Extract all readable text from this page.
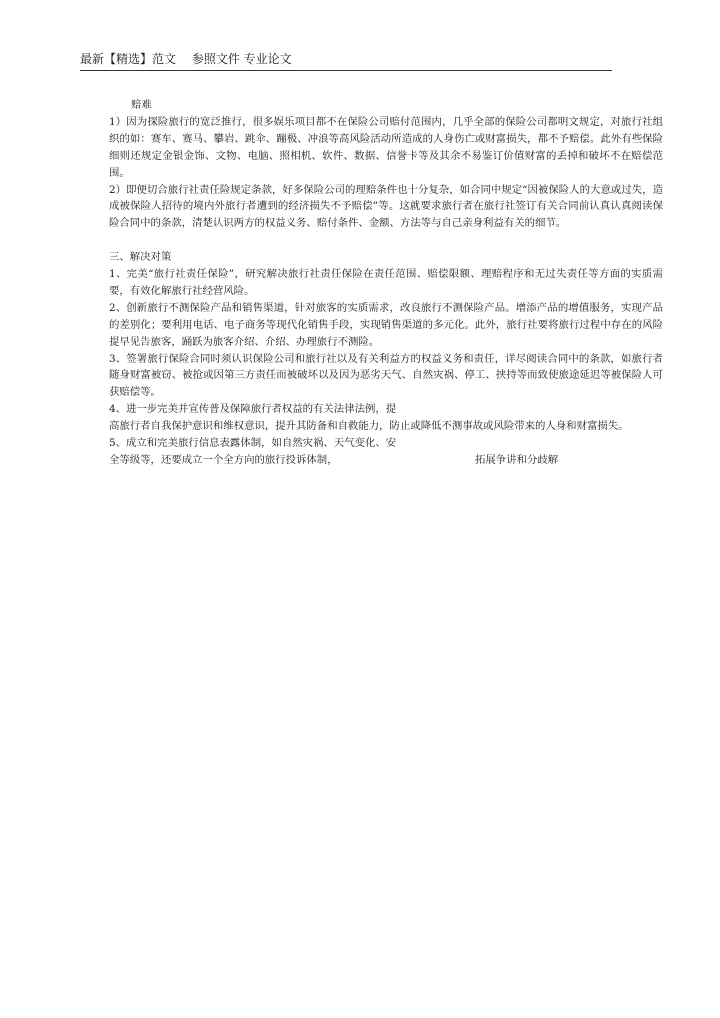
最新【精选】范文 参照文件 专业论文

赔难

1）因为探险旅行的宽泛推行，很多娱乐项目都不在保险公司赔付范围内，几乎全部的保险公司都明文规定，对旅行社组织的如：赛车、赛马、攀岩、跳伞、蹦极、冲浪等高风险活动所造成的人身伤亡或财富损失，都不予赔偿。此外有些保险细则还规定金银金饰、文物、电脑、照相机、软件、数据、信誉卡等及其余不易鉴订价值财富的丢掉和破坏不在赔偿范围。

2）即便切合旅行社责任险规定条款，好多保险公司的理赔条件也十分复杂，如合同中规定“因被保险人的大意或过失，造成被保险人招待的境内外旅行者遭到的经济损失不予赔偿”等。这就要求旅行者在旅行社签订有关合同前认真认真阅读保险合同中的条款，清楚认识两方的权益义务、赔付条件、金额、方法等与自己亲身利益有关的细节。

三、解决对策

1、完美“旅行社责任保险”，研究解决旅行社责任保险在责任范围、赔偿限额、理赔程序和无过失责任等方面的实质需要，有效化解旅行社经营风险。

2、创新旅行不测保险产品和销售渠道，针对旅客的实质需求，改良旅行不测保险产品。增添产品的增值服务，实现产品的差别化；要利用电话、电子商务等现代化销售手段，实现销售渠道的多元化。此外，旅行社要将旅行过程中存在的风险提早见告旅客，踊跃为旅客介绍、介绍、办理旅行不测险。

3、签署旅行保险合同时须认识保险公司和旅行社以及有关利益方的权益义务和责任，详尽阅读合同中的条款，如旅行者随身财富被窃、被抢或因第三方责任而被破坏以及因为恶劣天气、自然灾祸、停工、挟持等而致使旅途延迟等被保险人可获赔偿等。

4、进一步完美并宣传普及保障旅行者权益的有关法律法例，提

高旅行者自我保护意识和维权意识，提升其防备和自救能力，防止或降低不测事故或风险带来的人身和财富损失。

5、成立和完美旅行信息表露体制，如自然灾祸、天气变化、安

全等级等，还要成立一个全方向的旅行投诉体制，	拓展争讲和分歧解
